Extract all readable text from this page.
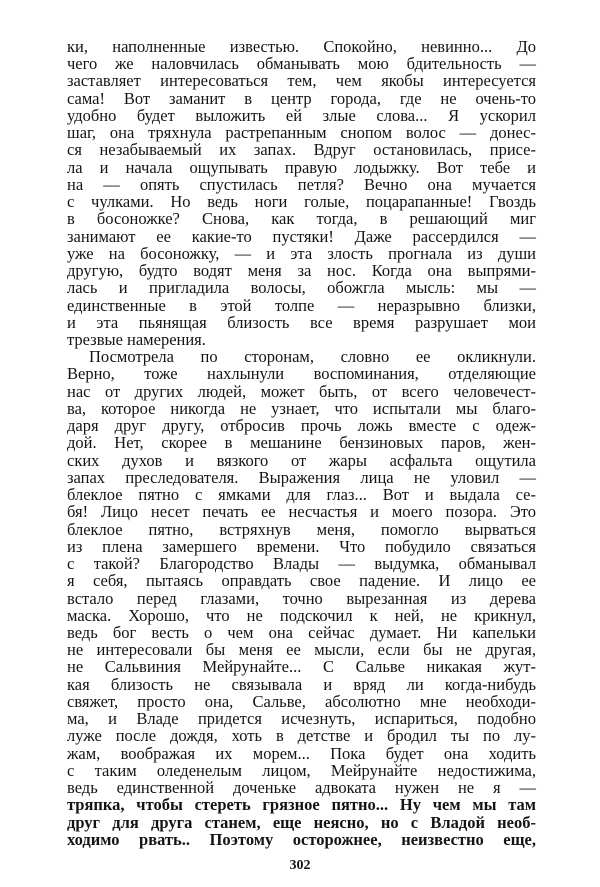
ки, наполненные известью. Спокойно, невинно... До
чего же наловчилась обманывать мою бдительность —
заставляет интересоваться тем, чем якобы интересуется
сама! Вот заманит в центр города, где не очень-то
удобно будет выложить ей злые слова... Я ускорил
шаг, она тряхнула растрепанным снопом волос — донес-
ся незабываемый их запах. Вдруг остановилась, присе-
ла и начала ощупывать правую лодыжку. Вот тебе и
на — опять спустилась петля? Вечно она мучается
с чулками. Но ведь ноги голые, поцарапанные! Гвоздь
в босоножке? Снова, как тогда, в решающий миг
занимают ее какие-то пустяки! Даже рассердился —
уже на босоножку, — и эта злость прогнала из души
другую, будто водят меня за нос. Когда она выпрями-
лась и пригладила волосы, обожгла мысль: мы —
единственные в этой толпе — неразрывно близки,
и эта пьянящая близость все время разрушает мои
трезвые намерения.
Посмотрела по сторонам, словно ее окликнули.
Верно, тоже нахлынули воспоминания, отделяющие
нас от других людей, может быть, от всего человечест-
ва, которое никогда не узнает, что испытали мы благо-
даря друг другу, отбросив прочь ложь вместе с одеж-
дой. Нет, скорее в мешанине бензиновых паров, жен-
ских духов и вязкого от жары асфальта ощутила
запах преследователя. Выражения лица не уловил —
блеклое пятно с ямками для глаз... Вот и выдала се-
бя! Лицо несет печать ее несчастья и моего позора. Это
блеклое пятно, встряхнув меня, помогло вырваться
из плена замершего времени. Что побудило связаться
с такой? Благородство Влады — выдумка, обманывал
я себя, пытаясь оправдать свое падение. И лицо ее
встало перед глазами, точно вырезанная из дерева
маска. Хорошо, что не подскочил к ней, не крикнул,
ведь бог весть о чем она сейчас думает. Ни капельки
не интересовали бы меня ее мысли, если бы не другая,
не Сальвиния Мейрунайте... С Сальве никакая жут-
кая близость не связывала и вряд ли когда-нибудь
свяжет, просто она, Сальве, абсолютно мне необходи-
ма, и Владе придется исчезнуть, испариться, подобно
луже после дождя, хоть в детстве и бродил ты по лу-
жам, воображая их морем... Пока будет она ходить
с таким оледенелым лицом, Мейрунайте недостижима,
ведь единственной доченьке адвоката нужен не я —
тряпка, чтобы стереть грязное пятно... Ну чем мы там
друг для друга станем, еще неясно, но с Владой необ-
ходимо рвать.. Поэтому осторожнее, неизвестно еще,
302
